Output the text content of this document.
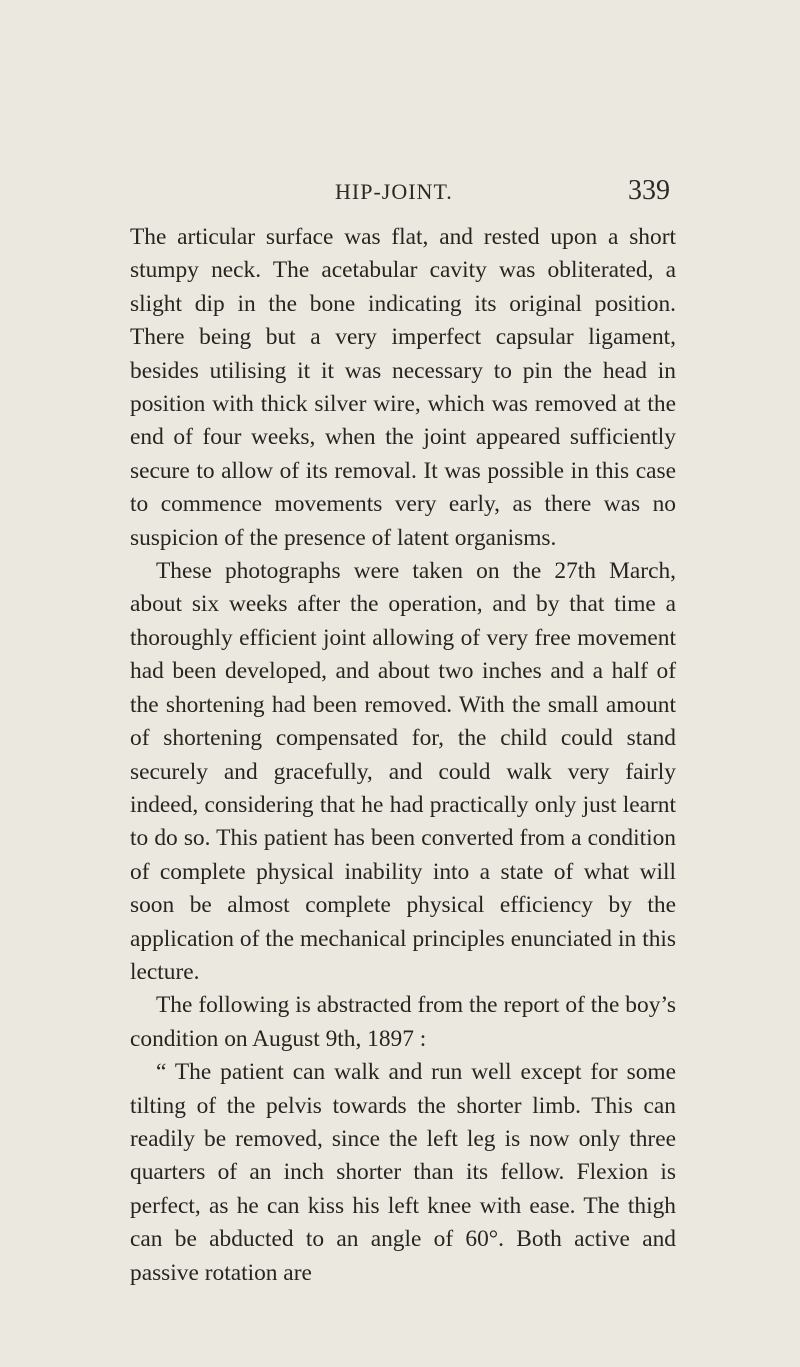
HIP-JOINT.	339

The articular surface was flat, and rested upon a short stumpy neck. The acetabular cavity was obliterated, a slight dip in the bone indicating its original position. There being but a very imperfect capsular ligament, besides utilising it it was necessary to pin the head in position with thick silver wire, which was removed at the end of four weeks, when the joint appeared sufficiently secure to allow of its removal. It was possible in this case to commence movements very early, as there was no suspicion of the presence of latent organisms.

These photographs were taken on the 27th March, about six weeks after the operation, and by that time a thoroughly efficient joint allowing of very free movement had been developed, and about two inches and a half of the shortening had been removed. With the small amount of shortening compensated for, the child could stand securely and gracefully, and could walk very fairly indeed, considering that he had practically only just learnt to do so. This patient has been converted from a condition of complete physical inability into a state of what will soon be almost complete physical efficiency by the application of the mechanical principles enunciated in this lecture.

The following is abstracted from the report of the boy’s condition on August 9th, 1897 :

“ The patient can walk and run well except for some tilting of the pelvis towards the shorter limb. This can readily be removed, since the left leg is now only three quarters of an inch shorter than its fellow. Flexion is perfect, as he can kiss his left knee with ease. The thigh can be abducted to an angle of 60°. Both active and passive rotation are
